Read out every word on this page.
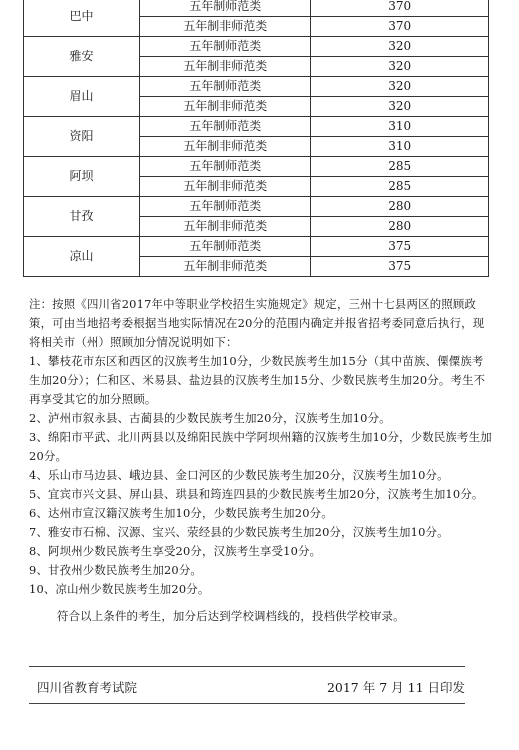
巴中	五年制师范类	370
	五年制非师范类	370
雅安	五年制师范类	320
	五年制非师范类	320
眉山	五年制师范类	320
	五年制非师范类	320
资阳	五年制师范类	310
	五年制非师范类	310
阿坝	五年制师范类	285
	五年制非师范类	285
甘孜	五年制师范类	280
	五年制非师范类	280
凉山	五年制师范类	375
	五年制非师范类	375

注：按照《四川省2017年中等职业学校招生实施规定》规定，三州十七县两区的照顾政策，可由当地招考委根据当地实际情况在20分的范围内确定并报省招考委同意后执行，现将相关市（州）照顾加分情况说明如下：

1、攀枝花市东区和西区的汉族考生加10分，少数民族考生加15分（其中苗族、傈僳族考生加20分）；仁和区、米易县、盐边县的汉族考生加15分、少数民族考生加20分。考生不再享受其它的加分照顾。

2、泸州市叙永县、古蔺县的少数民族考生加20分，汉族考生加10分。

3、绵阳市平武、北川两县以及绵阳民族中学阿坝州籍的汉族考生加10分，少数民族考生加20分。

4、乐山市马边县、峨边县、金口河区的少数民族考生加20分，汉族考生加10分。

5、宜宾市兴文县、屏山县、珙县和筠连四县的少数民族考生加20分，汉族考生加10分。

6、达州市宣汉籍汉族考生加10分，少数民族考生加20分。

7、雅安市石棉、汉源、宝兴、荥经县的少数民族考生加20分，汉族考生加10分。

8、阿坝州少数民族考生享受20分，汉族考生享受10分。

9、甘孜州少数民族考生加20分。

10、凉山州少数民族考生加20分。

符合以上条件的考生，加分后达到学校调档线的，投档供学校审录。

四川省教育考试院	2017 年 7 月 11 日印发
